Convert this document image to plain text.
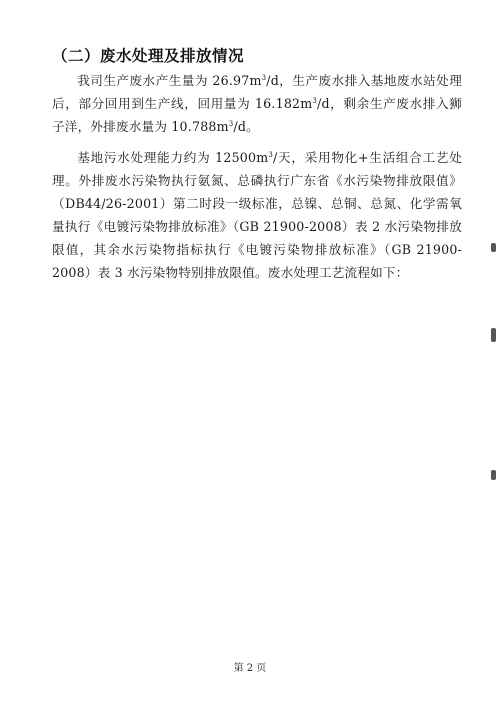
（二）废水处理及排放情况

我司生产废水产生量为 $26.97m^3/d$，生产废水排入基地废水站处理后，部分回用到生产线，回用量为 $16.182m^3/d$，剩余生产废水排入狮子洋，外排废水量为 $10.788m^3/d$。

基地污水处理能力约为 $12500m^3/$天，采用物化+生活组合工艺处理。外排废水污染物执行氨氮、总磷执行广东省《水污染物排放限值》（DB44/26-2001）第二时段一级标准，总镍、总铜、总氮、化学需氧量执行《电镀污染物排放标准》（GB 21900-2008）表 2 水污染物排放限值，其余水污染物指标执行《电镀污染物排放标准》（GB 21900-2008）表 3 水污染物特别排放限值。废水处理工艺流程如下：

第 2 页
